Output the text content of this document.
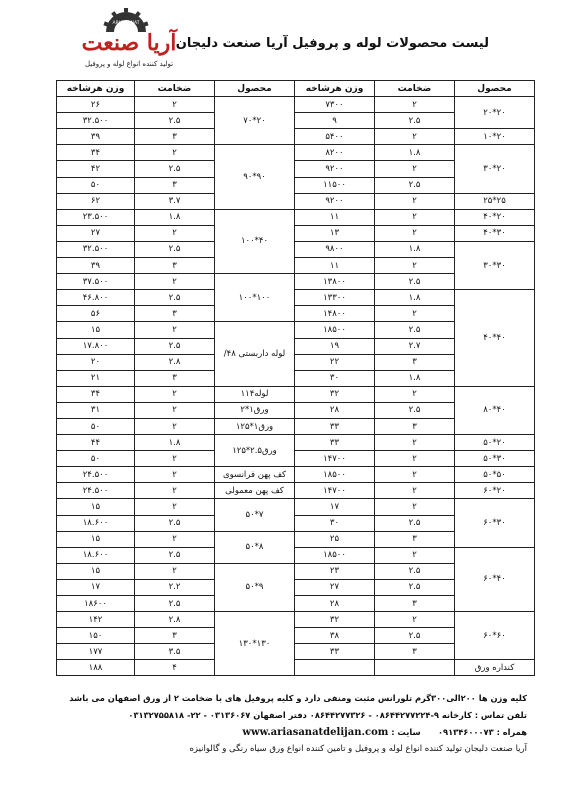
ARIA SANAT
آریا صنعت
تولید کننده انواع لوله و پروفیل
لیست محصولات لوله و پروفیل آریا صنعت دلیجان
محصول	ضخامت	وزن هرشاخه	محصول	ضخامت	وزن هرشاخه
۲۰*۲۰	۲	۷۳۰۰	۲۰*۷۰	۲	۲۶
	۲.۵	۹		۲.۵	۳۲.۵۰۰
۲۰*۱۰	۲	۵۴۰۰		۳	۳۹
۲۰*۳۰	۱.۸	۸۲۰۰	۹۰*۹۰	۲	۳۴
	۲	۹۲۰۰		۲.۵	۴۲
	۲.۵	۱۱۵۰۰		۳	۵۰
۲۵*۲۵	۲	۹۲۰۰		۳.۷	۶۲
۲۰*۴۰	۲	۱۱	۴۰*۱۰۰	۱.۸	۲۳.۵۰۰
۳۰*۴۰	۲	۱۳		۲	۲۷
۳۰*۳۰	۱.۸	۹۸۰۰		۲.۵	۳۲.۵۰۰
	۲	۱۱		۳	۳۹
	۲.۵	۱۳۸۰۰	۱۰۰*۱۰۰	۲	۳۷.۵۰۰
۴۰*۴۰	۱.۸	۱۳۳۰۰		۲.۵	۴۶.۸۰۰
	۲	۱۴۸۰۰		۳	۵۶
	۲.۵	۱۸۵۰۰	لوله داربستی ۴۸/	۲	۱۵
	۲.۷	۱۹		۲.۵	۱۷.۸۰۰
	۳	۲۲		۲.۸	۲۰
	۱.۸	۳۰		۳	۲۱
۴۰*۸۰	۲	۳۲	لوله۱۱۴	۲	۳۴
	۲.۵	۲۸	ورق۱*۲	۲	۳۱
	۳	۳۳	ورق۱*۱۲۵	۲	۵۰
۲۰*۵۰	۲	۳۳	ورق۲.۵*۱۲۵	۱.۸	۴۴
۳۰*۵۰	۲	۱۴۷۰۰		۲	۵۰
۵۰*۵۰	۲	۱۸۵۰۰	کف پهن فرانسوی	۲	۲۴.۵۰۰
۲۰*۶۰	۲	۱۴۷۰۰	کف پهن معمولی	۲	۲۴.۵۰۰
۳۰*۶۰	۲	۱۷	۷*۵۰	۲	۱۵
	۲.۵	۳۰		۲.۵	۱۸.۶۰۰
	۳	۲۵	۸*۵۰	۲	۱۵
۴۰*۶۰	۲	۱۸۵۰۰		۲.۵	۱۸.۶۰۰
	۲.۵	۲۳	۹*۵۰	۲	۱۵
	۲.۵	۲۷		۲.۲	۱۷
	۳	۲۸		۲.۵	۱۸۶۰۰
۶۰*۶۰	۲	۳۲	۱۳۰*۱۳۰	۲.۸	۱۴۲
	۲.۵	۳۸		۳	۱۵۰
	۳	۳۳		۳.۵	۱۷۷
کنداره ورق				۴	۱۸۸
کلیه وزن ها ۲۰۰الی۳۰۰گرم تلورانس مثبت ومنفی دارد و کلیه پروفیل های با ضخامت ۲ از ورق اصفهان می باشد
تلفن تماس : کارخانه ۹-۰۸۶۴۴۲۷۷۲۲۴ - ۰۸۶۴۴۲۷۷۳۲۶ دفتر اصفهان ۰۳۱۳۶۰۶۷ - ۲۲- ۰۳۱۳۲۷۵۵۸۱۸
همراه : ۰۹۱۳۴۶۰۰۰۷۳      سایت : www.ariasanatdelijan.com
آریا صنعت دلیجان تولید کننده انواع لوله و پروفیل و تامین کننده انواع ورق سیاه رنگی و گالوانیزه
